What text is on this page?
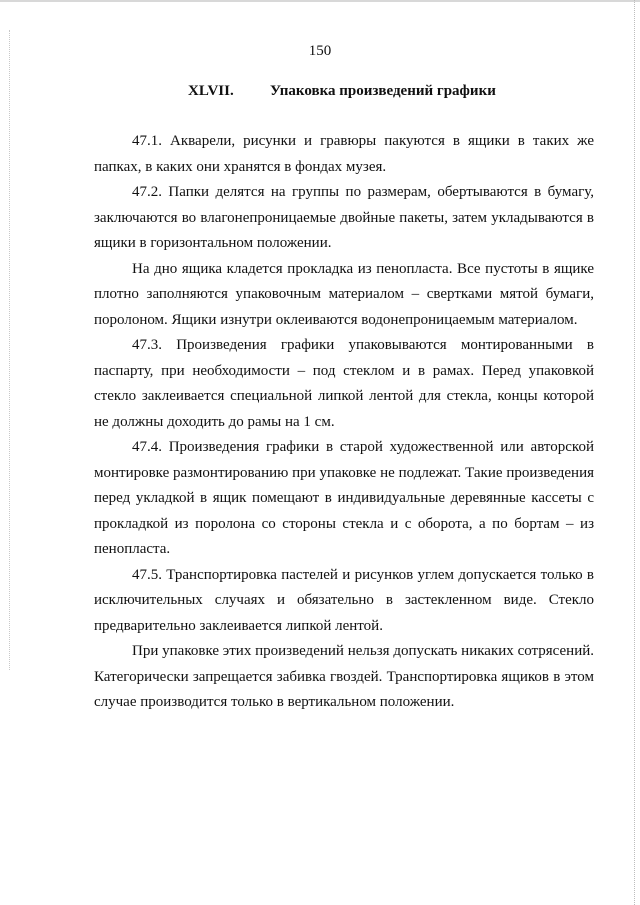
150
XLVII. Упаковка произведений графики

47.1. Акварели, рисунки и гравюры пакуются в ящики в таких же папках, в каких они хранятся в фондах музея.

47.2. Папки делятся на группы по размерам, обертываются в бумагу, заключаются во влагонепроницаемые двойные пакеты, затем укладываются в ящики в горизонтальном положении.

На дно ящика кладется прокладка из пенопласта. Все пустоты в ящике плотно заполняются упаковочным материалом – свертками мятой бумаги, поролоном. Ящики изнутри оклеиваются водонепроницаемым материалом.

47.3. Произведения графики упаковываются монтированными в паспарту, при необходимости – под стеклом и в рамах. Перед упаковкой стекло заклеивается специальной липкой лентой для стекла, концы которой не должны доходить до рамы на 1 см.

47.4. Произведения графики в старой художественной или авторской монтировке размонтированию при упаковке не подлежат. Такие произведения перед укладкой в ящик помещают в индивидуальные деревянные кассеты с прокладкой из поролона со стороны стекла и с оборота, а по бортам – из пенопласта.

47.5. Транспортировка пастелей и рисунков углем допускается только в исключительных случаях и обязательно в застекленном виде. Стекло предварительно заклеивается липкой лентой.

При упаковке этих произведений нельзя допускать никаких сотрясений. Категорически запрещается забивка гвоздей. Транспортировка ящиков в этом случае производится только в вертикальном положении.
